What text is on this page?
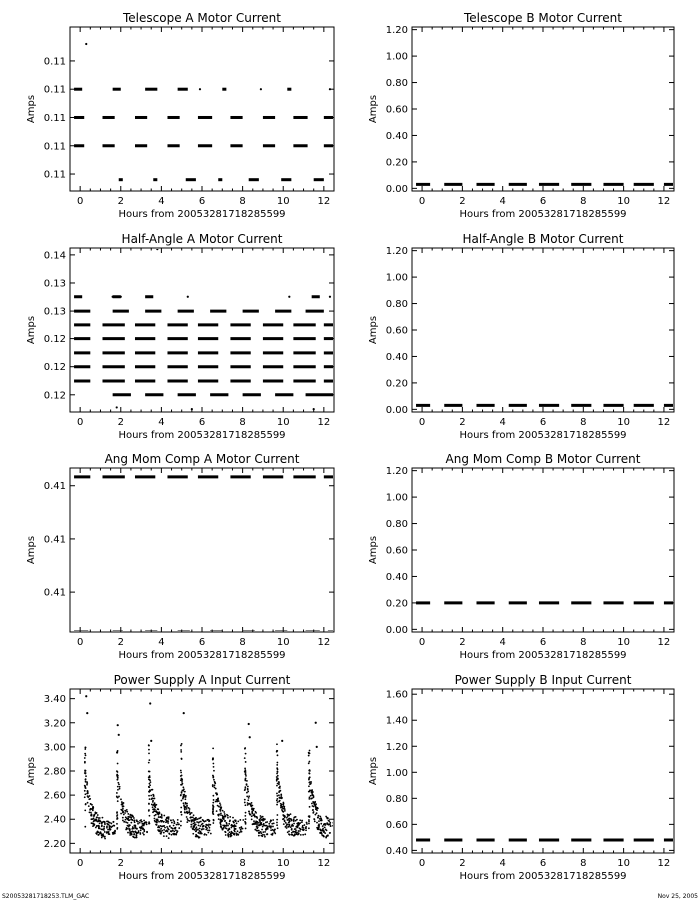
Telescope A Motor Current
0	2	4	6	8	10	12
0.11
0.11
0.11
0.11
0.11
Hours from 20053281718285599
Amps
Telescope B Motor Current
0	2	4	6	8	10	12
0.00
0.20
0.40
0.60
0.80
1.00
1.20
Hours from 20053281718285599
Amps
Half-Angle A Motor Current
0	2	4	6	8	10	12
0.12
0.12
0.12
0.13
0.13
0.14
Hours from 20053281718285599
Amps
Half-Angle B Motor Current
0	2	4	6	8	10	12
0.00
0.20
0.40
0.60
0.80
1.00
1.20
Hours from 20053281718285599
Amps
Ang Mom Comp A Motor Current
0	2	4	6	8	10	12
0.41
0.41
0.41
Hours from 20053281718285599
Amps
Ang Mom Comp B Motor Current
0	2	4	6	8	10	12
0.00
0.20
0.40
0.60
0.80
1.00
1.20
Hours from 20053281718285599
Amps
Power Supply A Input Current
0	2	4	6	8	10	12
2.20
2.40
2.60
2.80
3.00
3.20
3.40
Hours from 20053281718285599
Amps
Power Supply B Input Current
0	2	4	6	8	10	12
0.40
0.60
0.80
1.00
1.20
1.40
1.60
Hours from 20053281718285599
Amps
S20053281718253.TLM_GAC	Nov 25, 2005
